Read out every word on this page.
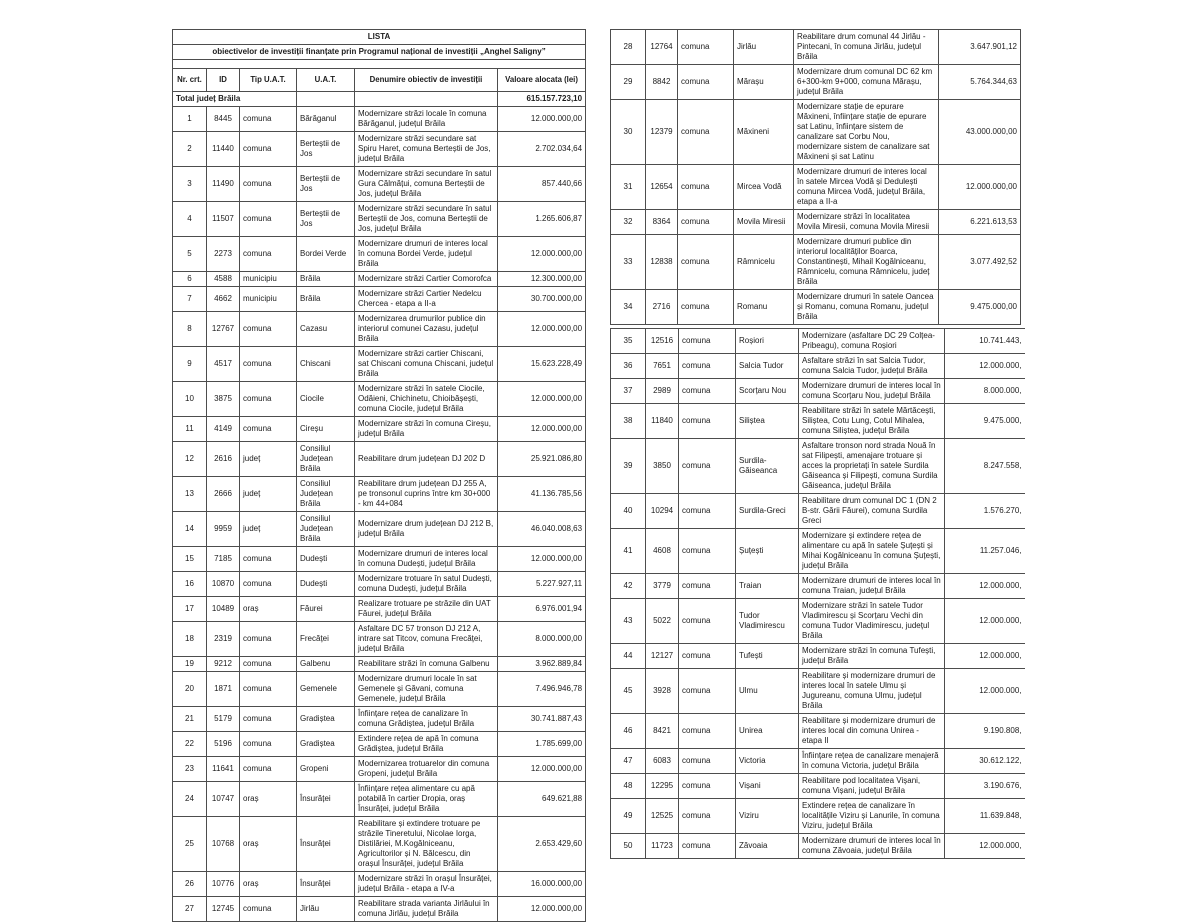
LISTA					
obiectivelor de investiții finanțate prin Programul național de investiții „Anghel Saligny”					

Nr. crt.	ID	Tip U.A.T.	U.A.T.	Denumire obiectiv de investiții	Valoare alocata (lei)
Total județ Brăila					615.157.723,10
1	8445	comuna	Bărăganul	Modernizare străzi locale în comuna Bărăganul, județul Brăila	12.000.000,00
2	11440	comuna	Berteștii de Jos	Modernizare străzi secundare sat Spiru Haret, comuna Berteștii de Jos, județul Brăila	2.702.034,64
3	11490	comuna	Berteștii de Jos	Modernizare străzi secundare în satul Gura Călmățui, comuna Berteștii de Jos, județul Brăila	857.440,66
4	11507	comuna	Berteștii de Jos	Modernizare străzi secundare în satul Berteștii de Jos, comuna Berteștii de Jos, județul Brăila	1.265.606,87
5	2273	comuna	Bordei Verde	Modernizare drumuri de interes local în comuna Bordei Verde, județul Brăila	12.000.000,00
6	4588	municipiu	Brăila	Modernizare străzi Cartier Comorofca	12.300.000,00
7	4662	municipiu	Brăila	Modernizare străzi Cartier Nedelcu Chercea - etapa a II-a	30.700.000,00
8	12767	comuna	Cazasu	Modernizarea drumurilor publice din interiorul comunei Cazasu, județul Brăila	12.000.000,00
9	4517	comuna	Chiscani	Modernizare străzi cartier Chiscani, sat Chiscani comuna Chiscani, județul Brăila	15.623.228,49
10	3875	comuna	Ciocile	Modernizare străzi în satele Ciocile, Odăieni, Chichinetu, Chioibășești, comuna Ciocile, județul Brăila	12.000.000,00
11	4149	comuna	Cireșu	Modernizare străzi în comuna Cireșu, județul Brăila	12.000.000,00
12	2616	județ	Consiliul Județean Brăila	Reabilitare drum județean DJ 202 D	25.921.086,80
13	2666	județ	Consiliul Județean Brăila	Reabilitare drum județean DJ 255 A, pe tronsonul cuprins între km 30+000 - km 44+084	41.136.785,56
14	9959	județ	Consiliul Județean Brăila	Modernizare drum județean DJ 212 B, județul Brăila	46.040.008,63
15	7185	comuna	Dudești	Modernizare drumuri de interes local în comuna Dudești, județul Brăila	12.000.000,00
16	10870	comuna	Dudești	Modernizare trotuare în satul Dudești, comuna Dudești, județul Brăila	5.227.927,11
17	10489	oraș	Făurei	Realizare trotuare pe străzile din UAT Făurei, județul Brăila	6.976.001,94
18	2319	comuna	Frecăței	Asfaltare DC 57 tronson DJ 212 A, intrare sat Titcov, comuna Frecăței, județul Brăila	8.000.000,00
19	9212	comuna	Galbenu	Reabilitare străzi în comuna Galbenu	3.962.889,84
20	1871	comuna	Gemenele	Modernizare drumuri locale în sat Gemenele și Găvani, comuna Gemenele, județul Brăila	7.496.946,78
21	5179	comuna	Gradiștea	Înființare rețea de canalizare în comuna Grădiștea, județul Brăila	30.741.887,43
22	5196	comuna	Gradiștea	Extindere rețea de apă în comuna Grădiștea, județul Brăila	1.785.699,00
23	11641	comuna	Gropeni	Modernizarea trotuarelor din comuna Gropeni, județul Brăila	12.000.000,00
24	10747	oraș	Însurăței	Înființare rețea alimentare cu apă potabilă în cartier Dropia, oraș Însurăței, județul Brăila	649.621,88
25	10768	oraș	Însurăței	Reabilitare și extindere trotuare pe străzile Tineretului, Nicolae Iorga, Distilăriei, M.Kogălniceanu, Agricultorilor și N. Bălcescu, din orașul Însurăței, județul Brăila	2.653.429,60
26	10776	oraș	Însurăței	Modernizare străzi în orașul Însurăței, județul Brăila - etapa a IV-a	16.000.000,00
27	12745	comuna	Jirlău	Reabilitare strada varianta Jirlăului în comuna Jirlău, județul Brăila	12.000.000,00
28	12764	comuna	Jirlău	Reabilitare drum comunal 44 Jirlău - Pintecani, în comuna Jirlău, județul Brăila	3.647.901,12
29	8842	comuna	Mărașu	Modernizare drum comunal DC 62 km 6+300-km 9+000, comuna Mărașu, județul Brăila	5.764.344,63
30	12379	comuna	Măxineni	Modernizare stație de epurare Măxineni, înființare stație de epurare sat Latinu, înființare sistem de canalizare sat Corbu Nou, modernizare sistem de canalizare sat Măxineni și sat Latinu	43.000.000,00
31	12654	comuna	Mircea Vodă	Modernizare drumuri de interes local în satele Mircea Vodă și Dedulești comuna Mircea Vodă, județul Brăila, etapa a II-a	12.000.000,00
32	8364	comuna	Movila Miresii	Modernizare străzi în localitatea Movila Miresii, comuna Movila Miresii	6.221.613,53
33	12838	comuna	Râmnicelu	Modernizare drumuri publice din interiorul localităților Boarca, Constantinești, Mihail Kogălniceanu, Râmnicelu, comuna Râmnicelu, județ Brăila	3.077.492,52
34	2716	comuna	Romanu	Modernizare drumuri în satele Oancea și Romanu, comuna Romanu, județul Brăila	9.475.000,00
35	12516	comuna	Roșiori	Modernizare (asfaltare DC 29 Colțea-Pribeagu), comuna Roșiori	10.741.443,
36	7651	comuna	Salcia Tudor	Asfaltare străzi în sat Salcia Tudor, comuna Salcia Tudor, județul Brăila	12.000.000,
37	2989	comuna	Scorțaru Nou	Modernizare drumuri de interes local în comuna Scorțaru Nou, județul Brăila	8.000.000,
38	11840	comuna	Siliștea	Reabilitare străzi în satele Mărtăcești, Siliștea, Cotu Lung, Cotul Mihalea, comuna Siliștea, județul Brăila	9.475.000,
39	3850	comuna	Surdila-Găiseanca	Asfaltare tronson nord strada Nouă în sat Filipești, amenajare trotuare și acces la proprietați în satele Surdila Găiseanca și Filipești, comuna Surdila Găiseanca, județul Brăila	8.247.558,
40	10294	comuna	Surdila-Greci	Reabilitare drum comunal DC 1 (DN 2 B-str. Gării Făurei), comuna Surdila Greci	1.576.270,
41	4608	comuna	Șuțești	Modernizare și extindere rețea de alimentare cu apă în satele Șuțești și Mihai Kogălniceanu în comuna Șuțești, județul Brăila	11.257.046,
42	3779	comuna	Traian	Modernizare drumuri de interes local în comuna Traian, județul Brăila	12.000.000,
43	5022	comuna	Tudor Vladimirescu	Modernizare străzi în satele Tudor Vladimirescu și Scorțaru Vechi din comuna Tudor Vladimirescu, județul Brăila	12.000.000,
44	12127	comuna	Tufești	Modernizare străzi în comuna Tufești, județul Brăila	12.000.000,
45	3928	comuna	Ulmu	Reabilitare și modernizare drumuri de interes local în satele Ulmu și Jugureanu, comuna Ulmu, județul Brăila	12.000.000,
46	8421	comuna	Unirea	Reabilitare și modernizare drumuri de interes local din comuna Unirea - etapa II	9.190.808,
47	6083	comuna	Victoria	Înființare rețea de canalizare menajeră în comuna Victoria, județul Brăila	30.612.122,
48	12295	comuna	Vișani	Reabilitare pod localitatea Vișani, comuna Vișani, județul Brăila	3.190.676,
49	12525	comuna	Viziru	Extindere rețea de canalizare în localitățile Viziru și Lanurile, în comuna Viziru, județul Brăila	11.639.848,
50	11723	comuna	Zăvoaia	Modernizare drumuri de interes local în comuna Zăvoaia, județul Brăila	12.000.000,
